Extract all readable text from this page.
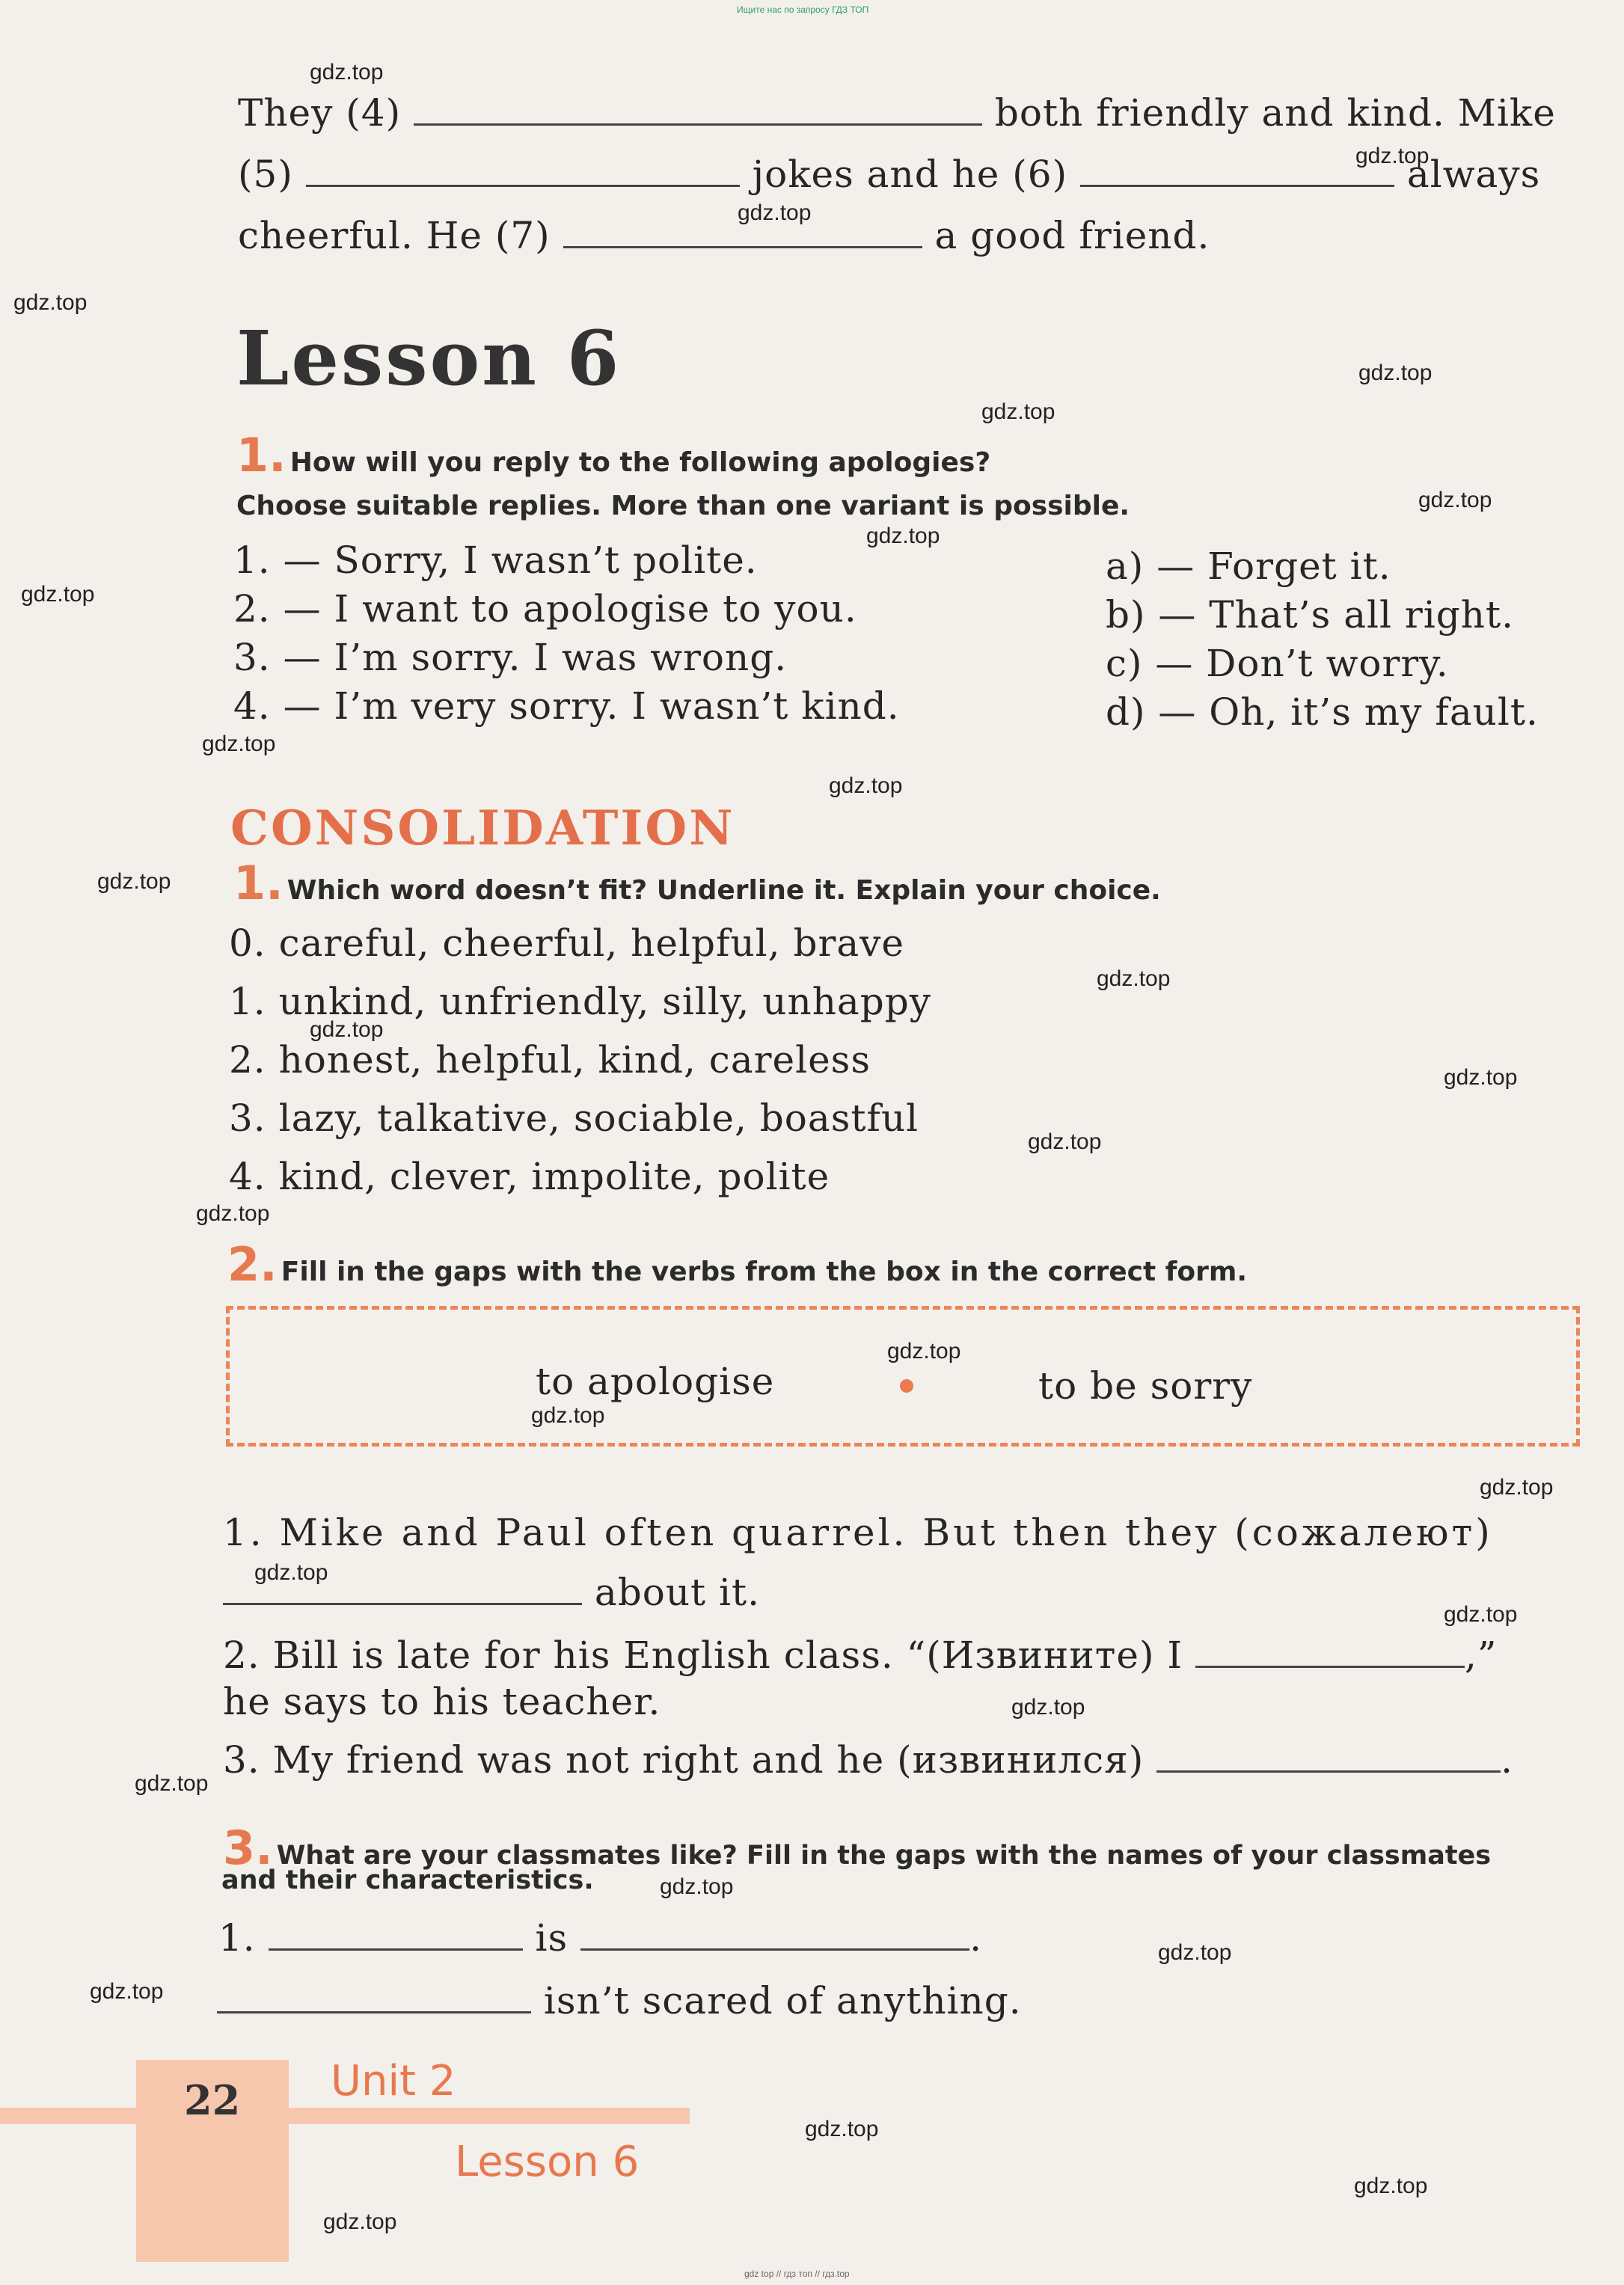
Ищите нас по запросу ГДЗ ТОП
gdz top // гдз топ // гдз.top
They (4)	both friendly and kind. Mike
(5)	jokes and he (6)	always
cheerful. He (7)	a good friend.
Lesson 6
1. How will you reply to the following apologies?
Choose suitable replies. More than one variant is possible.
1. — Sorry, I wasn’t polite.
2. — I want to apologise to you.
3. — I’m sorry. I was wrong.
4. — I’m very sorry. I wasn’t kind.
a) — Forget it.
b) — That’s all right.
c) — Don’t worry.
d) — Oh, it’s my fault.
CONSOLIDATION
1. Which word doesn’t fit? Underline it. Explain your choice.
0. careful, cheerful, helpful, brave
1. unkind, unfriendly, silly, unhappy
2. honest, helpful, kind, careless
3. lazy, talkative, sociable, boastful
4. kind, clever, impolite, polite
2. Fill in the gaps with the verbs from the box in the correct form.
to apologise	to be sorry
1. Mike and Paul often quarrel. But then they (сожалеют)
about it.
2. Bill is late for his English class. “(Извините) I	,”
he says to his teacher.
3. My friend was not right and he (извинился)	.
3. What are your classmates like? Fill in the gaps with the names of your classmates
and their characteristics.
1.	is	.
isn’t scared of anything.
22 Unit 2
Lesson 6
gdz.top
gdz.top
gdz.top
gdz.top
gdz.top
gdz.top
gdz.top
gdz.top
gdz.top
gdz.top
gdz.top
gdz.top
gdz.top
gdz.top
gdz.top
gdz.top
gdz.top
gdz.top
gdz.top
gdz.top
gdz.top
gdz.top
gdz.top
gdz.top
gdz.top
gdz.top
gdz.top
gdz.top
gdz.top
gdz.top
